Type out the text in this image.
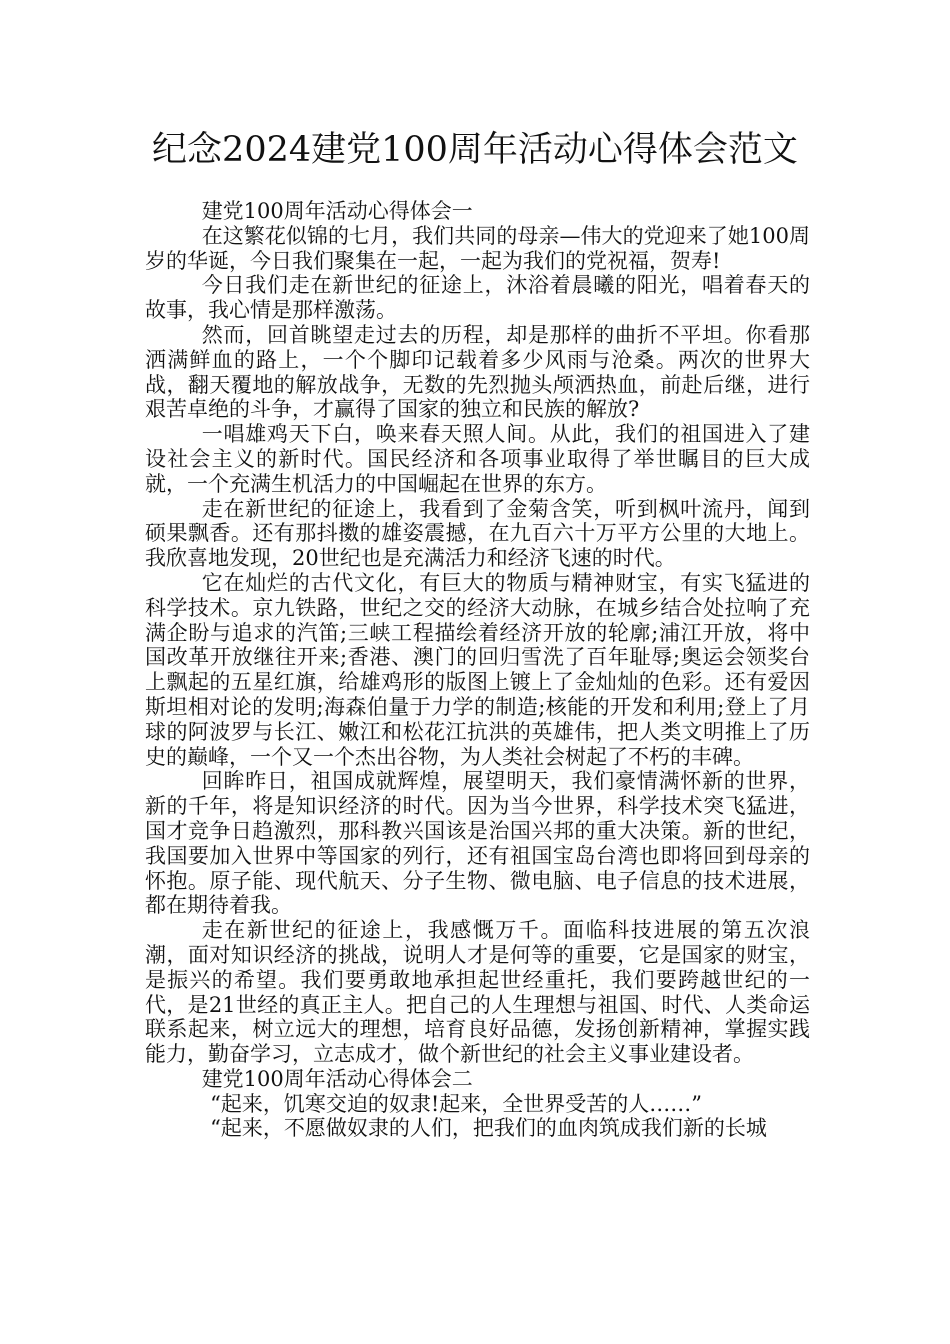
纪念2024建党100周年活动心得体会范文

建党100周年活动心得体会一

在这繁花似锦的七月，我们共同的母亲—伟大的党迎来了她100周岁的华诞，今日我们聚集在一起，一起为我们的党祝福，贺寿!

今日我们走在新世纪的征途上，沐浴着晨曦的阳光，唱着春天的故事，我心情是那样激荡。

然而，回首眺望走过去的历程，却是那样的曲折不平坦。你看那洒满鲜血的路上，一个个脚印记载着多少风雨与沧桑。两次的世界大战，翻天覆地的解放战争，无数的先烈抛头颅洒热血，前赴后继，进行艰苦卓绝的斗争，才赢得了国家的独立和民族的解放?

一唱雄鸡天下白，唤来春天照人间。从此，我们的祖国进入了建设社会主义的新时代。国民经济和各项事业取得了举世瞩目的巨大成就，一个充满生机活力的中国崛起在世界的东方。

走在新世纪的征途上，我看到了金菊含笑，听到枫叶流丹，闻到硕果飘香。还有那抖擞的雄姿震撼，在九百六十万平方公里的大地上。我欣喜地发现，20世纪也是充满活力和经济飞速的时代。

它在灿烂的古代文化，有巨大的物质与精神财宝，有实飞猛进的科学技术。京九铁路，世纪之交的经济大动脉，在城乡结合处拉响了充满企盼与追求的汽笛;三峡工程描绘着经济开放的轮廓;浦江开放，将中国改革开放继往开来;香港、澳门的回归雪洗了百年耻辱;奥运会领奖台上飘起的五星红旗，给雄鸡形的版图上镀上了金灿灿的色彩。还有爱因斯坦相对论的发明;海森伯量于力学的制造;核能的开发和利用;登上了月球的阿波罗与长江、嫩江和松花江抗洪的英雄伟，把人类文明推上了历史的巅峰，一个又一个杰出谷物，为人类社会树起了不朽的丰碑。

回眸昨日，祖国成就辉煌，展望明天，我们豪情满怀新的世界，新的千年，将是知识经济的时代。因为当今世界，科学技术突飞猛进，国才竞争日趋激烈，那科教兴国该是治国兴邦的重大决策。新的世纪，我国要加入世界中等国家的列行，还有祖国宝岛台湾也即将回到母亲的怀抱。原子能、现代航天、分子生物、微电脑、电子信息的技术进展，都在期待着我。

走在新世纪的征途上，我感慨万千。面临科技进展的第五次浪潮，面对知识经济的挑战，说明人才是何等的重要，它是国家的财宝，是振兴的希望。我们要勇敢地承担起世经重托，我们要跨越世纪的一代，是21世经的真正主人。把自己的人生理想与祖国、时代、人类命运联系起来，树立远大的理想，培育良好品德，发扬创新精神，掌握实践能力，勤奋学习，立志成才，做个新世纪的社会主义事业建设者。

建党100周年活动心得体会二

“起来，饥寒交迫的奴隶!起来，全世界受苦的人……”

“起来，不愿做奴隶的人们，把我们的血肉筑成我们新的长城
